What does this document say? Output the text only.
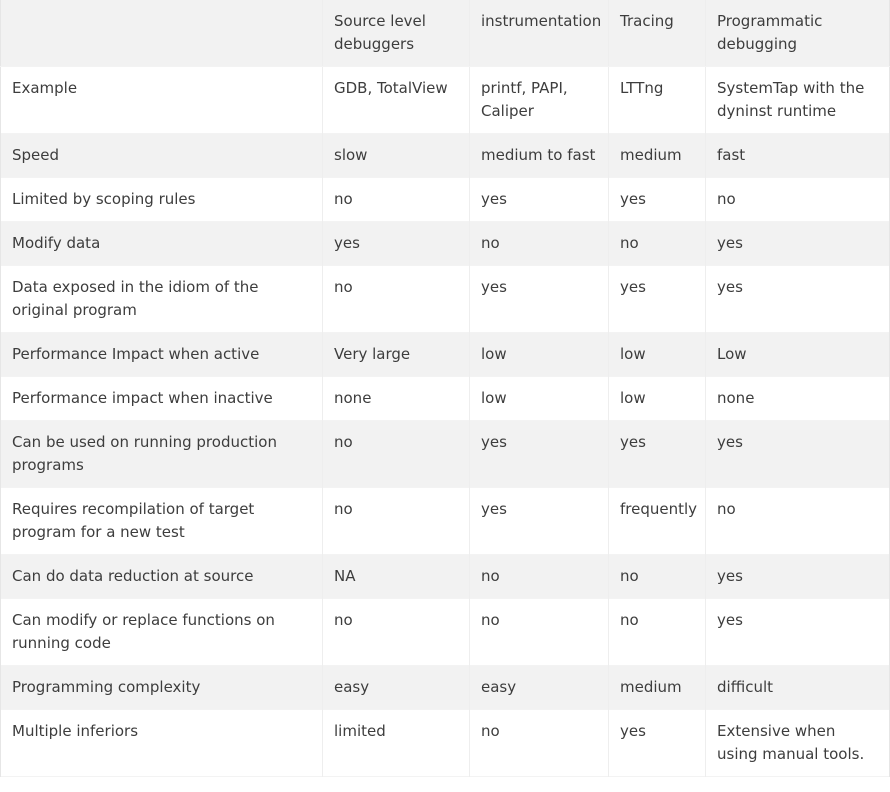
	Source level debuggers	instrumentation	Tracing	Programmatic debugging
Example	GDB, TotalView	printf, PAPI, Caliper	LTTng	SystemTap with the dyninst runtime
Speed	slow	medium to fast	medium	fast
Limited by scoping rules	no	yes	yes	no
Modify data	yes	no	no	yes
Data exposed in the idiom of the original program	no	yes	yes	yes
Performance Impact when active	Very large	low	low	Low
Performance impact when inactive	none	low	low	none
Can be used on running production programs	no	yes	yes	yes
Requires recompilation of target program for a new test	no	yes	frequently	no
Can do data reduction at source	NA	no	no	yes
Can modify or replace functions on running code	no	no	no	yes
Programming complexity	easy	easy	medium	difficult
Multiple inferiors	limited	no	yes	Extensive when using manual tools.
